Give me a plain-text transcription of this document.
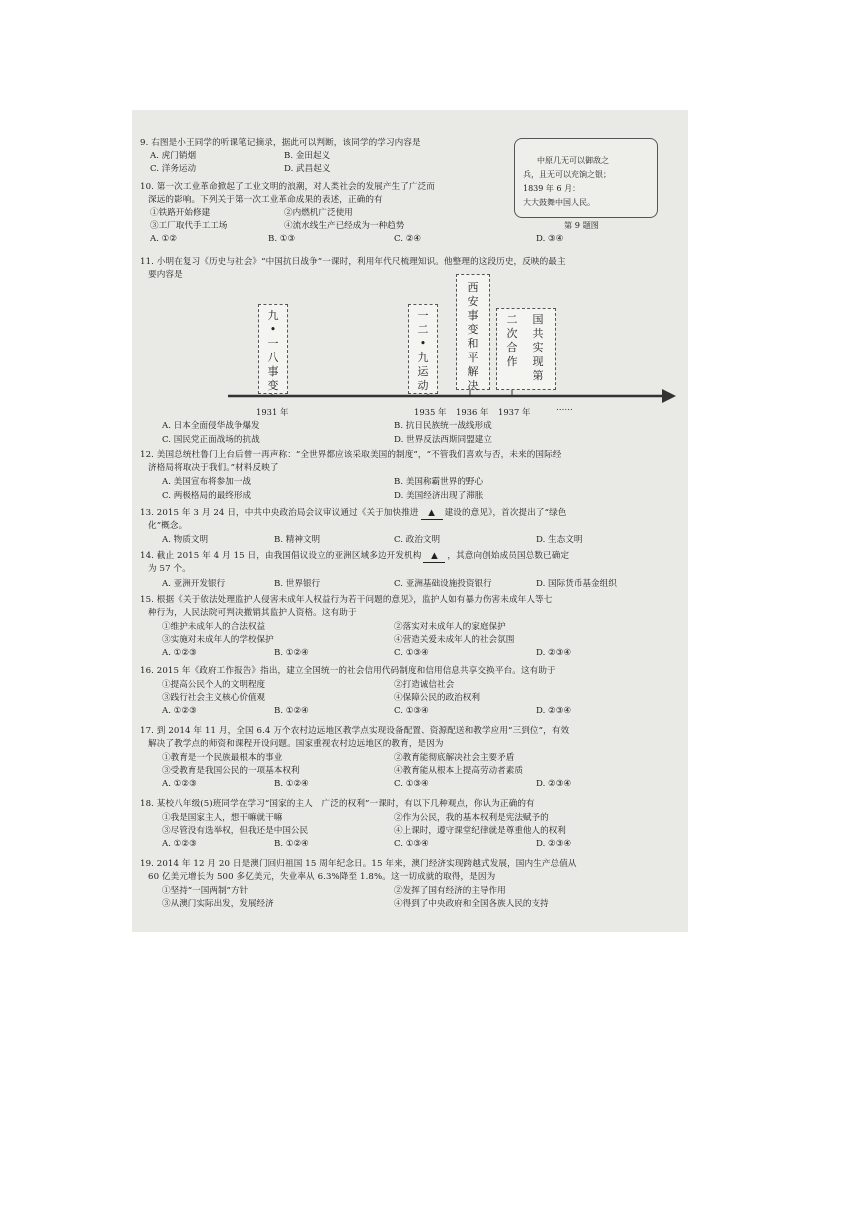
9. 右图是小王同学的听课笔记摘录，据此可以判断，该同学的学习内容是
A. 虎门销烟	B. 金田起义
C. 洋务运动	D. 武昌起义
中原几无可以御敌之
兵，且无可以充饷之银；
1839 年 6 月：
大大鼓舞中国人民。
第 9 题图
10. 第一次工业革命掀起了工业文明的浪潮，对人类社会的发展产生了广泛而
深远的影响。下列关于第一次工业革命成果的表述，正确的有
①铁路开始修建	②内燃机广泛使用
③工厂取代手工工场	④流水线生产已经成为一种趋势
A. ①②	B. ①③	C. ②④	D. ③④
11. 小明在复习《历史与社会》“中国抗日战争”一课时，利用年代尺梳理知识。他整理的这段历史，反映的最主
要内容是
九•一八事变
一二•九运动
西安事变和平解决
二次合作
国共实现第
1931 年	1935 年 1936 年 1937 年	……
A. 日本全面侵华战争爆发	B. 抗日民族统一战线形成
C. 国民党正面战场的抗战	D. 世界反法西斯同盟建立
12. 美国总统杜鲁门上台后曾一再声称：“全世界都应该采取美国的制度”，“不管我们喜欢与否，未来的国际经
济格局将取决于我们。”材料反映了
A. 美国宣布将参加一战	B. 美国称霸世界的野心
C. 两极格局的最终形成	D. 美国经济出现了滞胀
13. 2015 年 3 月 24 日，中共中央政治局会议审议通过《关于加快推进 ▲ 建设的意见》，首次提出了“绿色
化”概念。
A. 物质文明	B. 精神文明	C. 政治文明	D. 生态文明
14. 截止 2015 年 4 月 15 日，由我国倡议设立的亚洲区域多边开发机构 ▲ ，其意向创始成员国总数已确定
为 57 个。
A. 亚洲开发银行	B. 世界银行	C. 亚洲基础设施投资银行	D. 国际货币基金组织
15. 根据《关于依法处理监护人侵害未成年人权益行为若干问题的意见》，监护人如有暴力伤害未成年人等七
种行为，人民法院可判决撤销其监护人资格。这有助于
①维护未成年人的合法权益	②落实对未成年人的家庭保护
③实施对未成年人的学校保护	④营造关爱未成年人的社会氛围
A. ①②③	B. ①②④	C. ①③④	D. ②③④
16. 2015 年《政府工作报告》指出，建立全国统一的社会信用代码制度和信用信息共享交换平台。这有助于
①提高公民个人的文明程度	②打造诚信社会
③践行社会主义核心价值观	④保障公民的政治权利
A. ①②③	B. ①②④	C. ①③④	D. ②③④
17. 到 2014 年 11 月，全国 6.4 万个农村边远地区教学点实现设备配置、资源配送和教学应用“三到位”，有效
解决了教学点的师资和课程开设问题。国家重视农村边远地区的教育，是因为
①教育是一个民族最根本的事业	②教育能彻底解决社会主要矛盾
③受教育是我国公民的一项基本权利	④教育能从根本上提高劳动者素质
A. ①②③	B. ①②④	C. ①③④	D. ②③④
18. 某校八年级(5)班同学在学习“国家的主人　广泛的权利”一课时，有以下几种观点，你认为正确的有
①我是国家主人，想干嘛就干嘛	②作为公民，我的基本权利是宪法赋予的
③尽管没有选举权，但我还是中国公民	④上课时，遵守课堂纪律就是尊重他人的权利
A. ①②③	B. ①②④	C. ①③④	D. ②③④
19. 2014 年 12 月 20 日是澳门回归祖国 15 周年纪念日。15 年来，澳门经济实现跨越式发展，国内生产总值从
60 亿美元增长为 500 多亿美元，失业率从 6.3%降至 1.8%。这一切成就的取得，是因为
①坚持“一国两制”方针	②发挥了国有经济的主导作用
③从澳门实际出发，发展经济	④得到了中央政府和全国各族人民的支持
